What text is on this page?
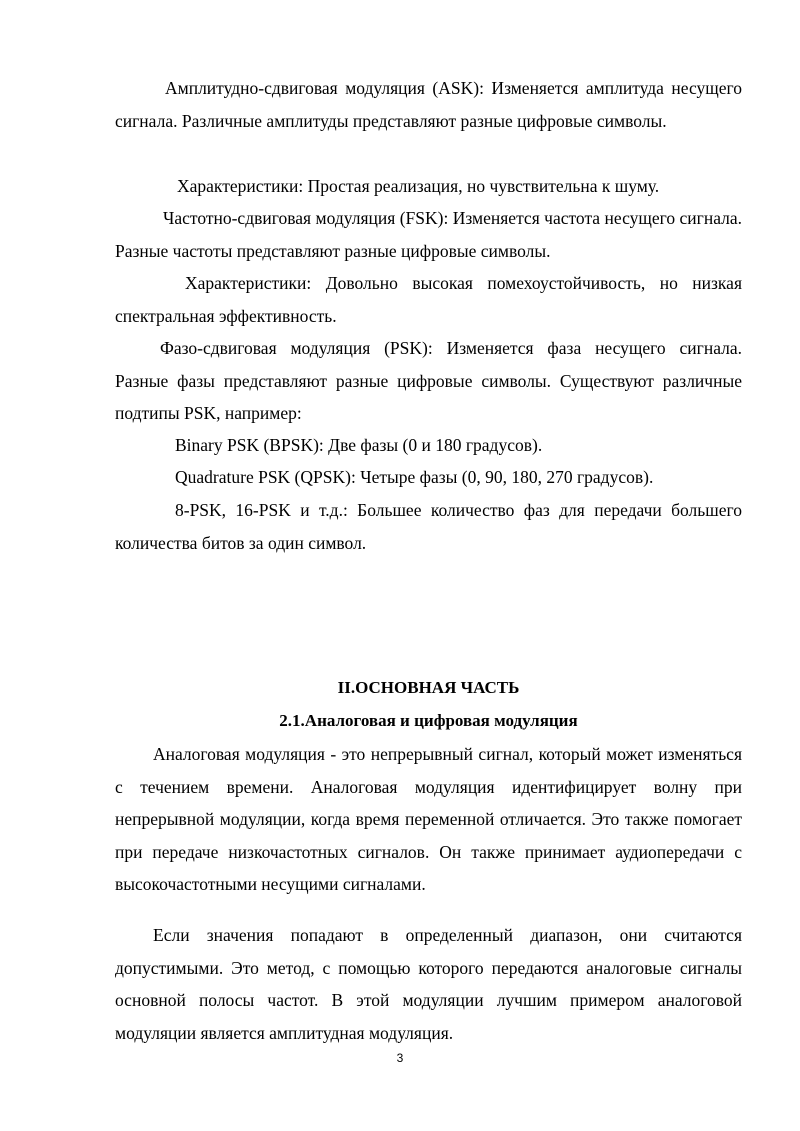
Амплитудно-сдвиговая модуляция (ASK): Изменяется амплитуда несущего сигнала. Различные амплитуды представляют разные цифровые символы.

Характеристики: Простая реализация, но чувствительна к шуму.

Частотно-сдвиговая модуляция (FSK): Изменяется частота несущего сигнала. Разные частоты представляют разные цифровые символы.

Характеристики: Довольно высокая помехоустойчивость, но низкая спектральная эффективность.

Фазо-сдвиговая модуляция (PSK): Изменяется фаза несущего сигнала. Разные фазы представляют разные цифровые символы. Существуют различные подтипы PSK, например:

Binary PSK (BPSK): Две фазы (0 и 180 градусов).

Quadrature PSK (QPSK): Четыре фазы (0, 90, 180, 270 градусов).

8-PSK, 16-PSK и т.д.: Большее количество фаз для передачи большего количества битов за один символ.

II.ОСНОВНАЯ ЧАСТЬ
2.1.Аналоговая и цифровая модуляция

Аналоговая модуляция - это непрерывный сигнал, который может изменяться с течением времени. Аналоговая модуляция идентифицирует волну при непрерывной модуляции, когда время переменной отличается. Это также помогает при передаче низкочастотных сигналов. Он также принимает аудиопередачи с высокочастотными несущими сигналами.

Если значения попадают в определенный диапазон, они считаются допустимыми. Это метод, с помощью которого передаются аналоговые сигналы основной полосы частот. В этой модуляции лучшим примером аналоговой модуляции является амплитудная модуляция.

3
